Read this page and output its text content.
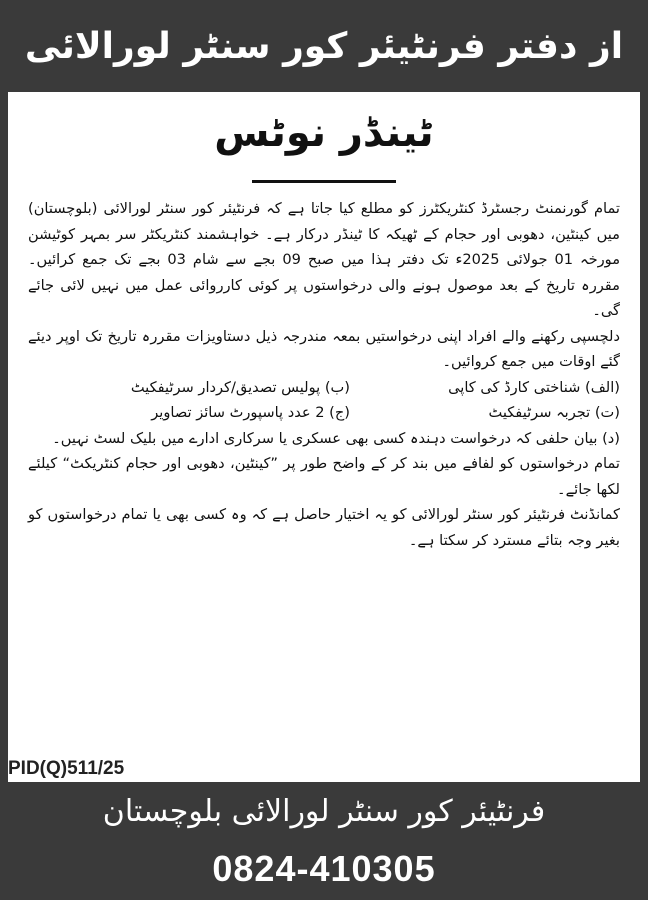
از دفتر فرنٹیئر کور سنٹر لورالائی
ٹینڈر نوٹس

تمام گورنمنٹ رجسٹرڈ کنٹریکٹرز کو مطلع کیا جاتا ہے کہ فرنٹیئر کور سنٹر لورالائی (بلوچستان) میں کینٹین، دھوبی اور حجام کے ٹھیکہ کا ٹینڈر درکار ہے۔ خواہشمند کنٹریکٹر سر بمہر کوٹیشن مورخہ 01 جولائی 2025ء تک دفتر ہذا میں صبح 09 بجے سے شام 03 بجے تک جمع کرائیں۔ مقررہ تاریخ کے بعد موصول ہونے والی درخواستوں پر کوئی کارروائی عمل میں نہیں لائی جائے گی۔

دلچسپی رکھنے والے افراد اپنی درخواستیں بمعہ مندرجہ ذیل دستاویزات مقررہ تاریخ تک اوپر دیئے گئے اوقات میں جمع کروائیں۔

(الف) شناختی کارڈ کی کاپی
(ب) پولیس تصدیق/کردار سرٹیفکیٹ
(ت) تجربہ سرٹیفکیٹ
(ج) 2 عدد پاسپورٹ سائز تصاویر

(د) بیان حلفی کہ درخواست دہندہ کسی بھی عسکری یا سرکاری ادارے میں بلیک لسٹ نہیں۔

تمام درخواستوں کو لفافے میں بند کر کے واضح طور پر ”کینٹین، دھوبی اور حجام کنٹریکٹ“ کیلئے لکھا جائے۔

کمانڈنٹ فرنٹیئر کور سنٹر لورالائی کو یہ اختیار حاصل ہے کہ وہ کسی بھی یا تمام درخواستوں کو بغیر وجہ بتائے مسترد کر سکتا ہے۔

PID(Q)511/25
فرنٹیئر کور سنٹر لورالائی بلوچستان
0824-410305
